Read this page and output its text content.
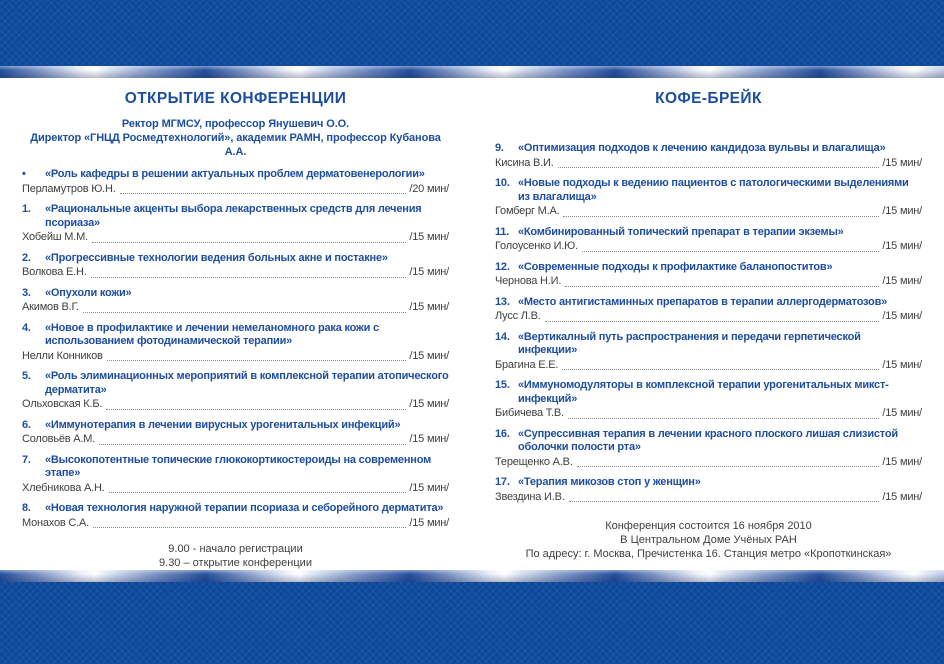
ОТКРЫТИЕ КОНФЕРЕНЦИИ
Ректор МГМСУ, профессор Янушевич О.О.
Директор «ГНЦД Росмедтехнологий», академик РАМН, профессор Кубанова А.А.
•	«Роль кафедры в решении актуальных проблем дерматовенерологии»
Перламутров Ю.Н.	/20 мин/
1.	«Рациональные акценты выбора лекарственных средств для лечения псориаза»
Хобейш М.М.	/15 мин/
2.	«Прогрессивные технологии ведения больных акне и постакне»
Волкова Е.Н.	/15 мин/
3.	«Опухоли кожи»
Акимов В.Г.	/15 мин/
4.	«Новое в профилактике и лечении немеланомного рака кожи с использованием фотодинамической терапии»
Нелли Конников	/15 мин/
5.	«Роль элиминационных мероприятий в комплексной терапии атопического дерматита»
Ольховская К.Б.	/15 мин/
6.	«Иммунотерапия в лечении вирусных урогенитальных инфекций»
Соловьёв А.М.	/15 мин/
7.	«Высокопотентные топические глюкокортикостероиды на современном этапе»
Хлебникова А.Н.	/15 мин/
8.	«Новая технология наружной терапии псориаза и себорейного дерматита»
Монахов С.А.	/15 мин/
9.00 - начало регистрации
9.30 – открытие конференции
КОФЕ-БРЕЙК
9.	«Оптимизация подходов к лечению кандидоза вульвы и влагалища»
Кисина В.И.	/15 мин/
10. «Новые подходы к ведению пациентов с патологическими выделениями из влагалища»
Гомберг М.А.	/15 мин/
11. «Комбинированный топический препарат в терапии экземы»
Голоусенко И.Ю.	/15 мин/
12. «Современные подходы к профилактике баланопоститов»
Чернова Н.И.	/15 мин/
13. «Место антигистаминных препаратов в терапии аллергодерматозов»
Лусс Л.В.	/15 мин/
14. «Вертикалный путь распространения и передачи герпетической инфекции»
Брагина Е.Е.	/15 мин/
15. «Иммуномодуляторы в комплексной терапии урогенитальных микст-инфекций»
Бибичева Т.В.	/15 мин/
16. «Супрессивная терапия в лечении красного плоского лишая слизистой оболочки полости рта»
Терещенко А.В.	/15 мин/
17. «Терапия микозов стоп у женщин»
Звездина И.В.	/15 мин/
Конференция состоится 16 ноября 2010
В Центральном Доме Учёных РАН
По адресу: г. Москва, Пречистенка 16. Станция метро «Кропоткинская»
